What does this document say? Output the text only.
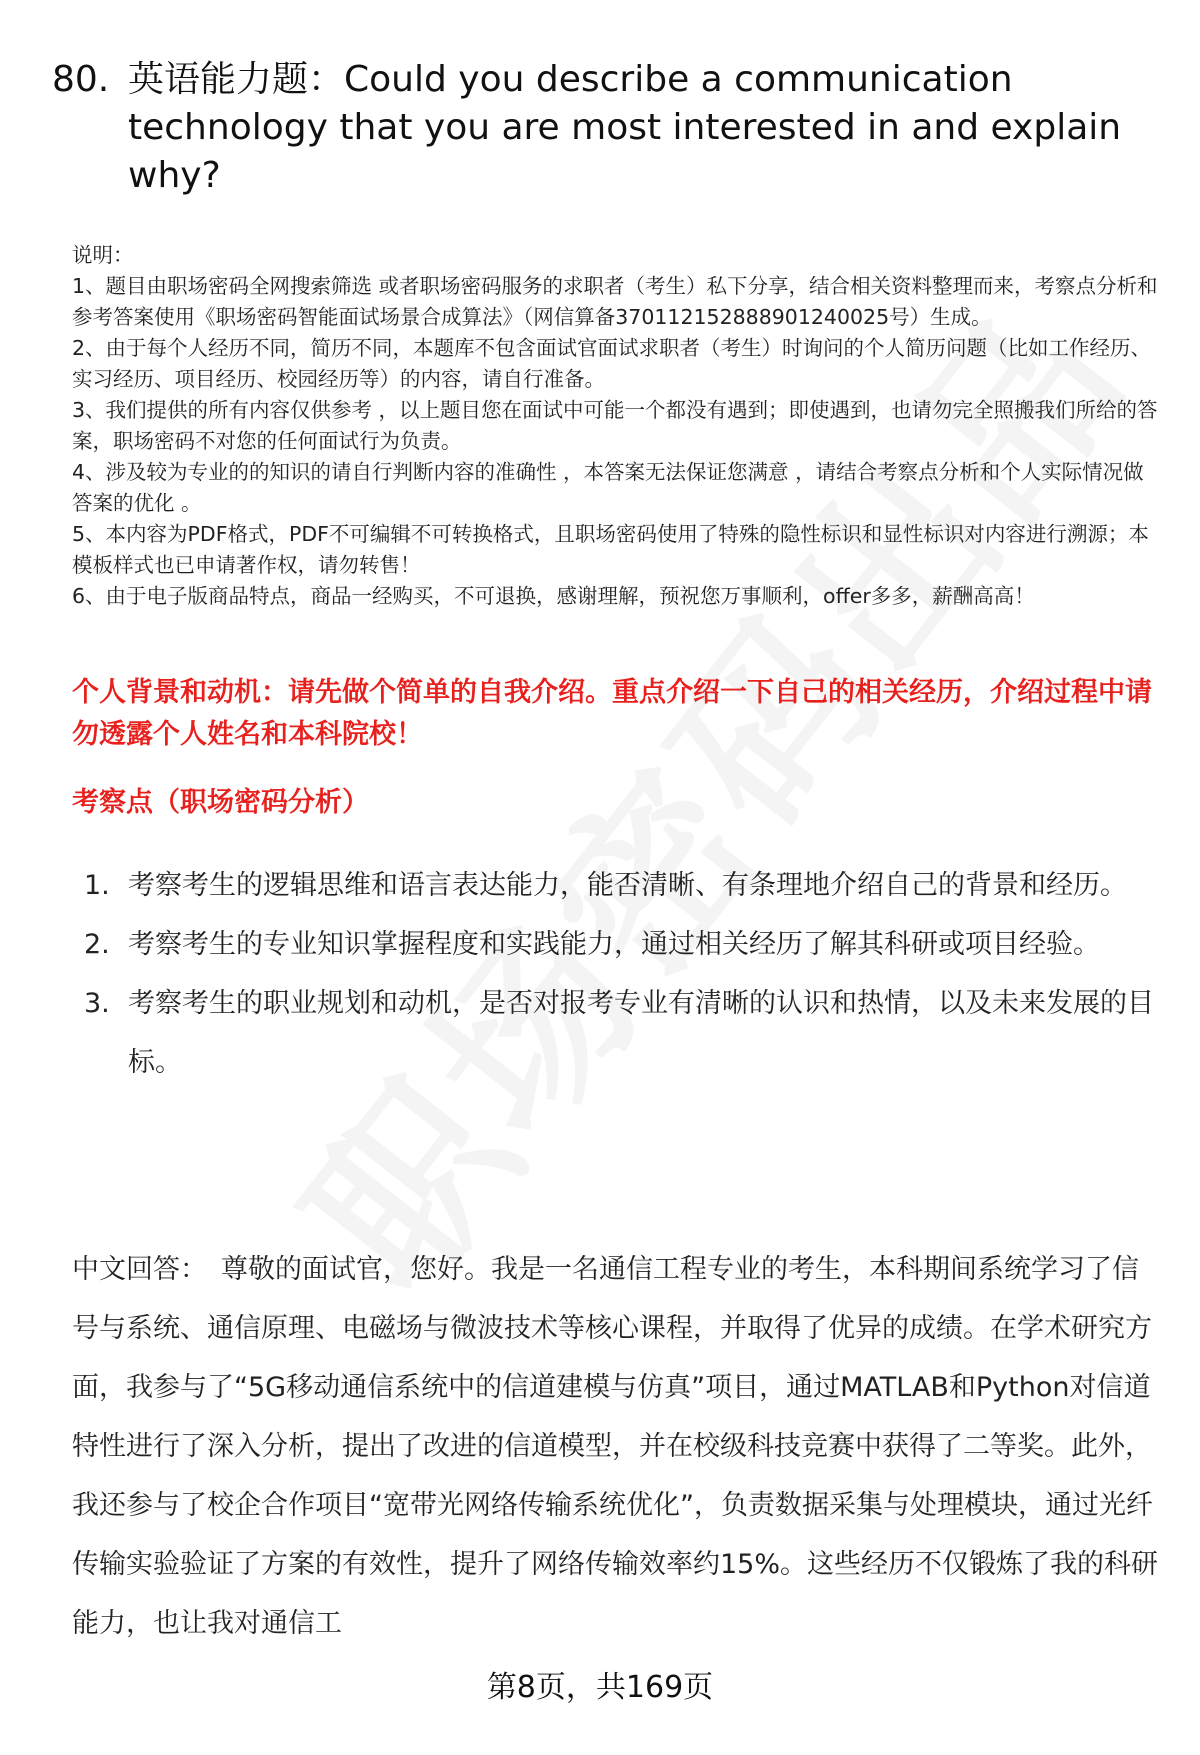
80. 英语能力题：Could you describe a communication technology that you are most interested in and explain why?

说明：

1、题目由职场密码全网搜索筛选 或者职场密码服务的求职者（考生）私下分享，结合相关资料整理而来，考察点分析和参考答案使用《职场密码智能面试场景合成算法》（网信算备370112152888901240025号）生成。

2、由于每个人经历不同，简历不同，本题库不包含面试官面试求职者（考生）时询问的个人简历问题（比如工作经历、实习经历、项目经历、校园经历等）的内容，请自行准备。

3、我们提供的所有内容仅供参考 ，以上题目您在面试中可能一个都没有遇到；即使遇到，也请勿完全照搬我们所给的答案，职场密码不对您的任何面试行为负责。

4、涉及较为专业的的知识的请自行判断内容的准确性 ，本答案无法保证您满意 ，请结合考察点分析和个人实际情况做答案的优化 。

5、本内容为PDF格式，PDF不可编辑不可转换格式，且职场密码使用了特殊的隐性标识和显性标识对内容进行溯源；本模板样式也已申请著作权，请勿转售！

6、由于电子版商品特点，商品一经购买，不可退换，感谢理解，预祝您万事顺利，offer多多，薪酬高高！

个人背景和动机：请先做个简单的自我介绍。重点介绍一下自己的相关经历，介绍过程中请勿透露个人姓名和本科院校！
考察点（职场密码分析）
1. 考察考生的逻辑思维和语言表达能力，能否清晰、有条理地介绍自己的背景和经历。
2. 考察考生的专业知识掌握程度和实践能力，通过相关经历了解其科研或项目经验。
3. 考察考生的职业规划和动机，是否对报考专业有清晰的认识和热情，以及未来发展的目标。
中文回答： 尊敬的面试官，您好。我是一名通信工程专业的考生，本科期间系统学习了信号与系统、通信原理、电磁场与微波技术等核心课程，并取得了优异的成绩。在学术研究方面，我参与了“5G移动通信系统中的信道建模与仿真”项目，通过MATLAB和Python对信道特性进行了深入分析，提出了改进的信道模型，并在校级科技竞赛中获得了二等奖。此外，我还参与了校企合作项目“宽带光网络传输系统优化”，负责数据采集与处理模块，通过光纤传输实验验证了方案的有效性，提升了网络传输效率约15%。这些经历不仅锻炼了我的科研能力，也让我对通信工
第8页，共169页
